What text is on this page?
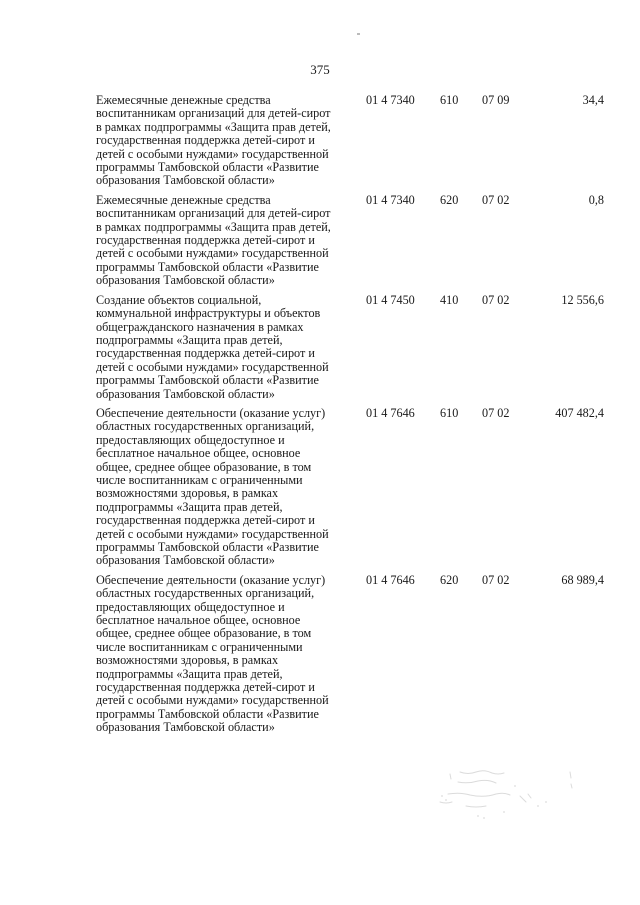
375
Ежемесячные денежные средства
воспитанникам организаций для детей-сирот
в рамках подпрограммы «Защита прав детей,
государственная поддержка детей-сирот и
детей с особыми нуждами» государственной
программы Тамбовской области «Развитие
образования Тамбовской области»
01 4 7340	610	07 09	34,4
Ежемесячные денежные средства
воспитанникам организаций для детей-сирот
в рамках подпрограммы «Защита прав детей,
государственная поддержка детей-сирот и
детей с особыми нуждами» государственной
программы Тамбовской области «Развитие
образования Тамбовской области»
01 4 7340	620	07 02	0,8
Создание объектов социальной,
коммунальной инфраструктуры и объектов
общегражданского назначения в рамках
подпрограммы «Защита прав детей,
государственная поддержка детей-сирот и
детей с особыми нуждами» государственной
программы Тамбовской области «Развитие
образования Тамбовской области»
01 4 7450	410	07 02	12 556,6
Обеспечение деятельности (оказание услуг)
областных государственных организаций,
предоставляющих общедоступное и
бесплатное начальное общее, основное
общее, среднее общее образование, в том
числе воспитанникам с ограниченными
возможностями здоровья, в рамках
подпрограммы «Защита прав детей,
государственная поддержка детей-сирот и
детей с особыми нуждами» государственной
программы Тамбовской области «Развитие
образования Тамбовской области»
01 4 7646	610	07 02	407 482,4
Обеспечение деятельности (оказание услуг)
областных государственных организаций,
предоставляющих общедоступное и
бесплатное начальное общее, основное
общее, среднее общее образование, в том
числе воспитанникам с ограниченными
возможностями здоровья, в рамках
подпрограммы «Защита прав детей,
государственная поддержка детей-сирот и
детей с особыми нуждами» государственной
программы Тамбовской области «Развитие
образования Тамбовской области»
01 4 7646	620	07 02	68 989,4
